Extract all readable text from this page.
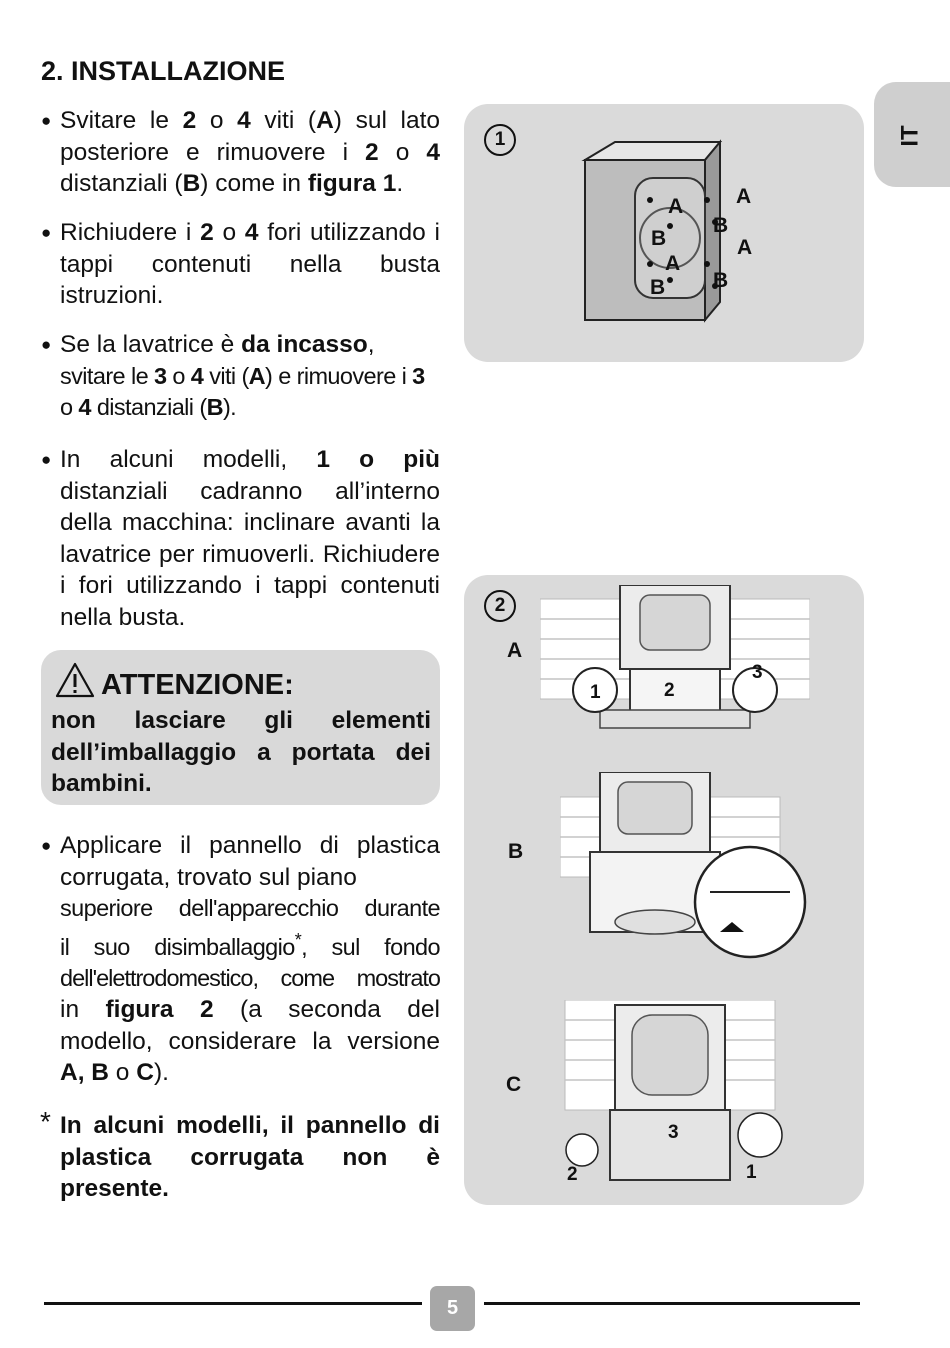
2. INSTALLAZIONE
IT
● Svitare le 2 o 4 viti (A) sul lato posteriore e rimuovere i 2 o 4 distanziali (B) come in figura 1.
● Richiudere i 2 o 4 fori utilizzando i tappi contenuti nella busta istruzioni.
● Se la lavatrice è da incasso,
svitare le 3 o 4 viti (A) e rimuovere i 3 o 4 distanziali (B).
● In alcuni modelli, 1 o più distanziali cadranno all’interno della macchina: inclinare avanti la lavatrice per rimuoverli. Richiudere i fori utilizzando i tappi contenuti nella busta.
ATTENZIONE:
non lasciare gli elementi dell’imballaggio a portata dei bambini.
● Applicare il pannello di plastica corrugata, trovato sul piano
superiore dell'apparecchio durante
il suo disimballaggio*, sul fondo
dell'elettrodomestico, come mostrato
in figura 2 (a seconda del modello, considerare la versione A, B o C).
* In alcuni modelli, il pannello di plastica corrugata non è presente.
1
A
B
A
B
A
B
A
B
2
A
1	2
3
B
C
3
2	1
5
